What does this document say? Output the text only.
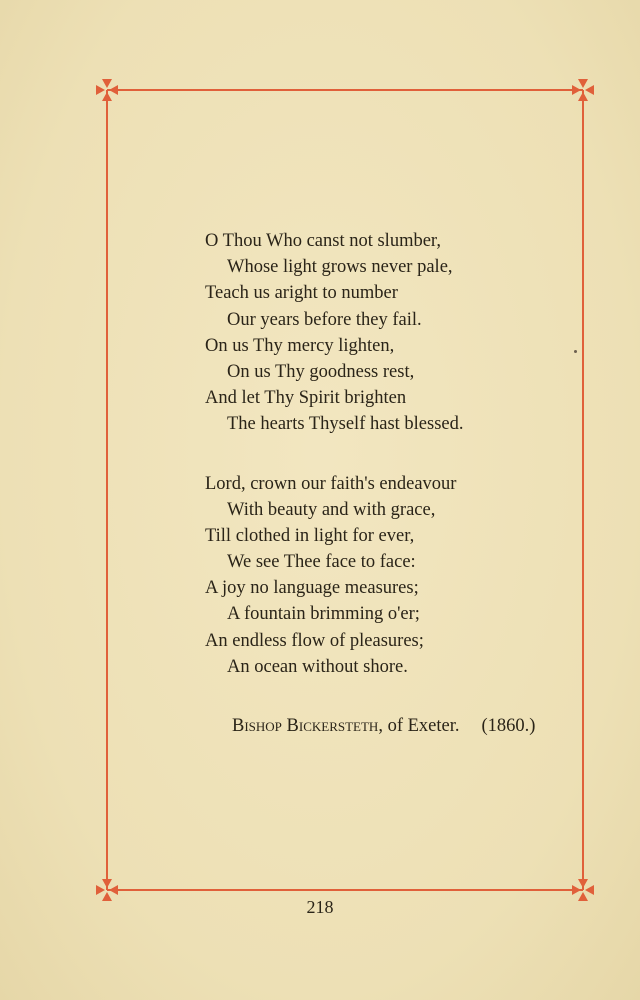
O Thou Who canst not slumber,
Whose light grows never pale,
Teach us aright to number
Our years before they fail.
On us Thy mercy lighten,
On us Thy goodness rest,
And let Thy Spirit brighten
The hearts Thyself hast blessed.
Lord, crown our faith's endeavour
With beauty and with grace,
Till clothed in light for ever,
We see Thee face to face:
A joy no language measures;
A fountain brimming o'er;
An endless flow of pleasures;
An ocean without shore.
Bishop Bickersteth, of Exeter. (1860.)
218
